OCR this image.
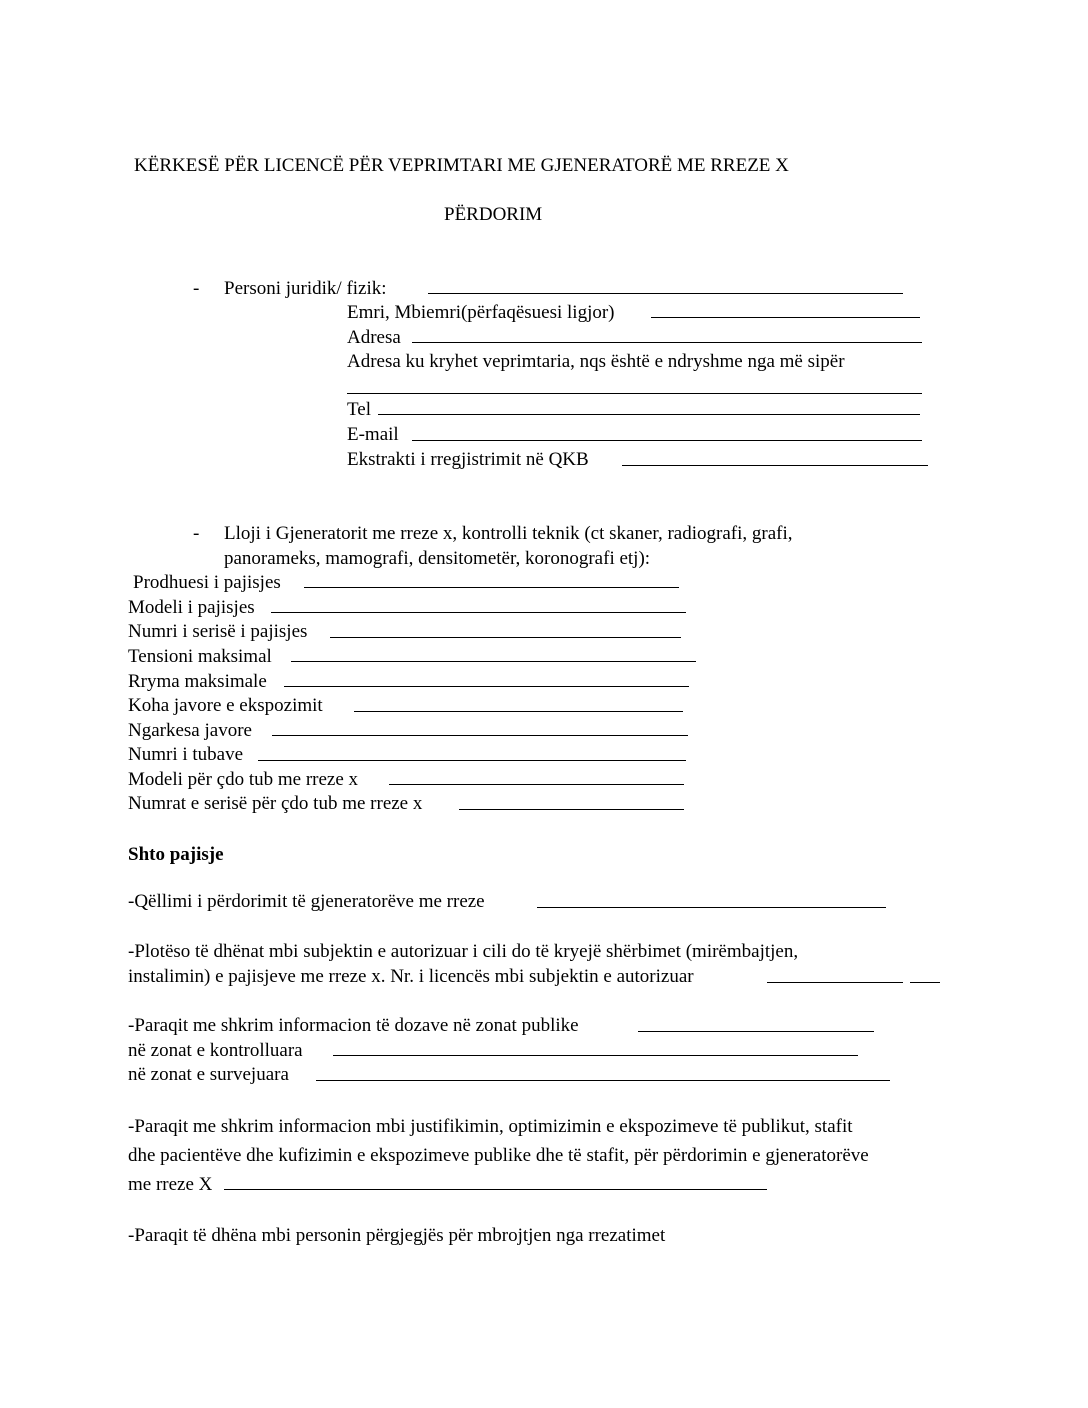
KËRKESË PËR LICENCË PËR VEPRIMTARI ME GJENERATORË ME RREZE X
PËRDORIM
- Personi juridik/ fizik:
Emri, Mbiemri(përfaqësuesi ligjor)
Adresa
Adresa ku kryhet veprimtaria, nqs është e ndryshme nga më sipër
Tel
E-mail
Ekstrakti i rregjistrimit në QKB
- Lloji i Gjeneratorit me rreze x, kontrolli teknik (ct skaner, radiografi, grafi,
panorameks, mamografi, densitometër, koronografi etj):
Prodhuesi i pajisjes
Modeli i pajisjes
Numri i serisë i pajisjes
Tensioni maksimal
Rryma maksimale
Koha javore e ekspozimit
Ngarkesa javore
Numri i tubave
Modeli për çdo tub me rreze x
Numrat e serisë për çdo tub me rreze x
Shto pajisje
-Qëllimi i përdorimit të gjeneratorëve me rreze
-Plotëso të dhënat mbi subjektin e autorizuar i cili do të kryejë shërbimet (mirëmbajtjen,
instalimin) e pajisjeve me rreze x. Nr. i licencës mbi subjektin e autorizuar
-Paraqit me shkrim informacion të dozave në zonat publike
në zonat e kontrolluara
në zonat e survejuara
-Paraqit me shkrim informacion mbi justifikimin, optimizimin e ekspozimeve të publikut, stafit
dhe pacientëve dhe kufizimin e ekspozimeve publike dhe të stafit, për përdorimin e gjeneratorëve
me rreze X
-Paraqit të dhëna mbi personin përgjegjës për mbrojtjen nga rrezatimet
